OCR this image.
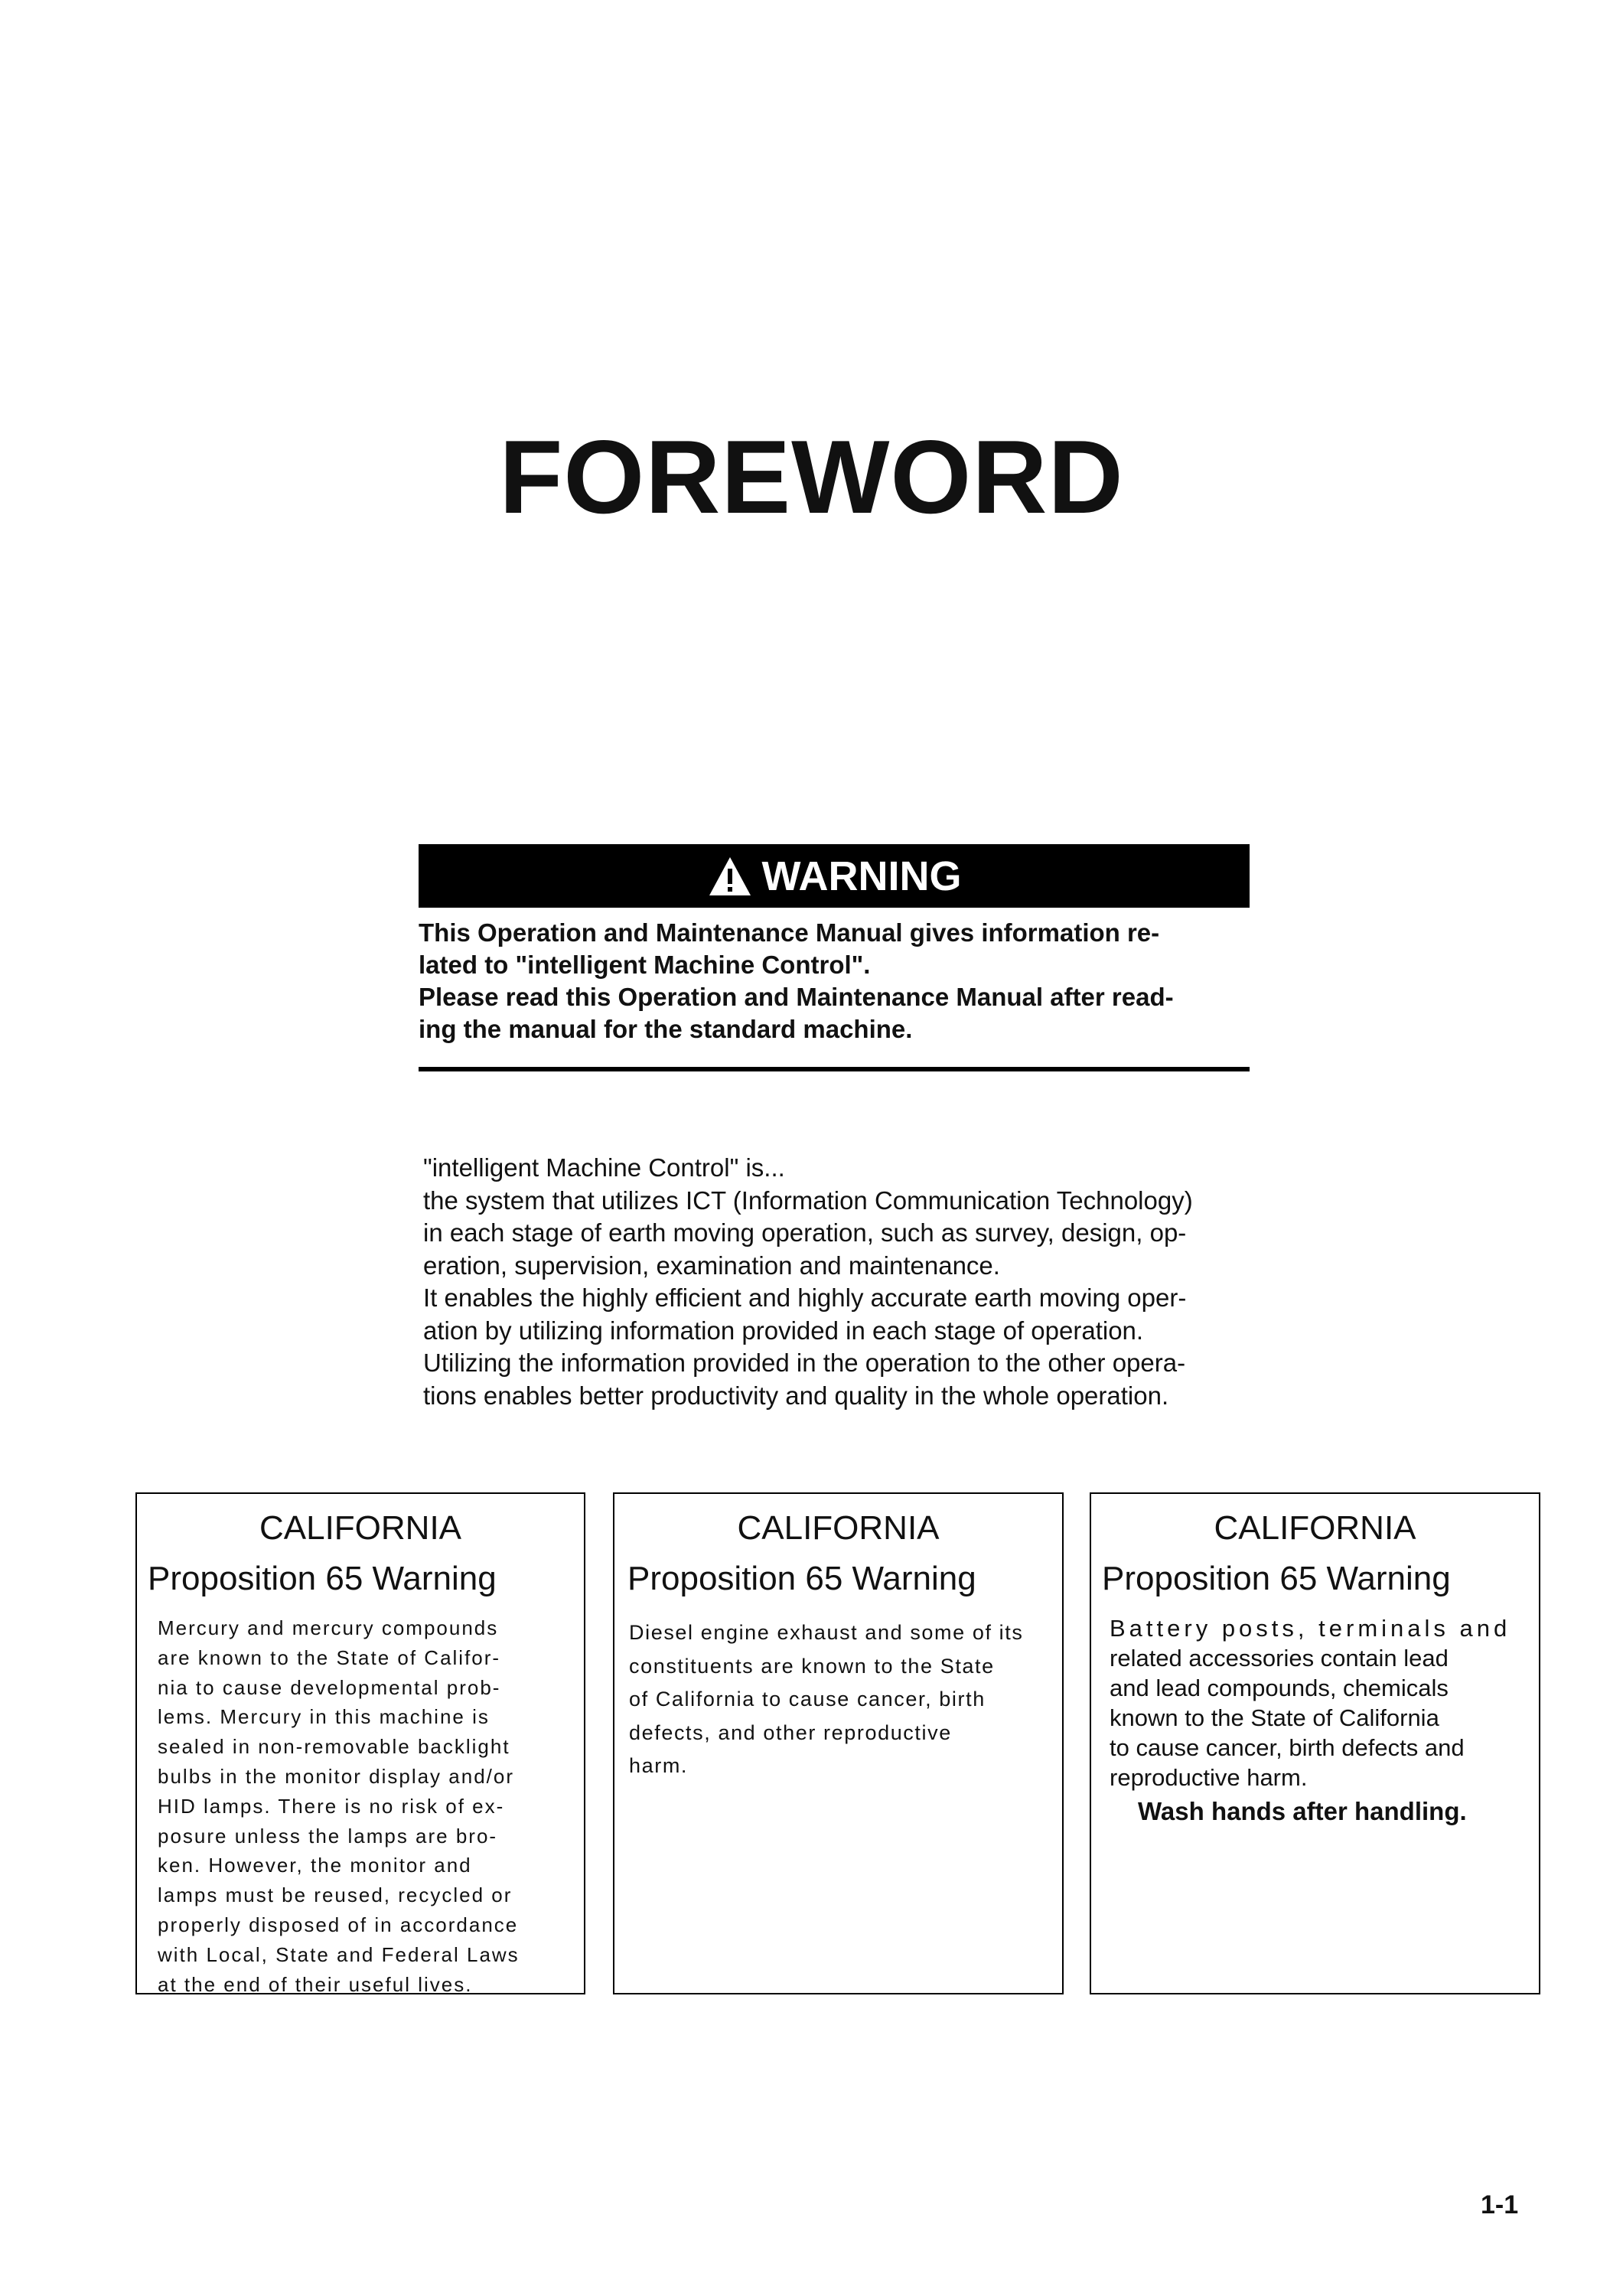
FOREWORD
WARNING
This Operation and Maintenance Manual gives information re-
lated to "intelligent Machine Control".
Please read this Operation and Maintenance Manual after read-
ing the manual for the standard machine.

"intelligent Machine Control" is...

the system that utilizes ICT (Information Communication Technology)

in each stage of earth moving operation, such as survey, design, op-

eration, supervision, examination and maintenance.

It enables the highly efficient and highly accurate earth moving oper-

ation by utilizing information provided in each stage of operation.

Utilizing the information provided in the operation to the other opera-

tions enables better productivity and quality in the whole operation.

CALIFORNIA
Proposition 65 Warning
Mercury and mercury compounds
are known to the State of Califor-
nia to cause developmental prob-
lems. Mercury in this machine is
sealed in non-removable backlight
bulbs in the monitor display and/or
HID lamps. There is no risk of ex-
posure unless the lamps are bro-
ken. However, the monitor and
lamps must be reused, recycled or
properly disposed of in accordance
with Local, State and Federal Laws
at the end of their useful lives.
CALIFORNIA
Proposition 65 Warning
Diesel engine exhaust and some of its
constituents are known to the State
of California to cause cancer, birth
defects, and other reproductive
harm.
CALIFORNIA
Proposition 65 Warning
Battery posts, terminals and
related accessories contain lead
and lead compounds, chemicals
known to the State of California
to cause cancer, birth defects and
reproductive harm.
Wash hands after handling.
1-1
